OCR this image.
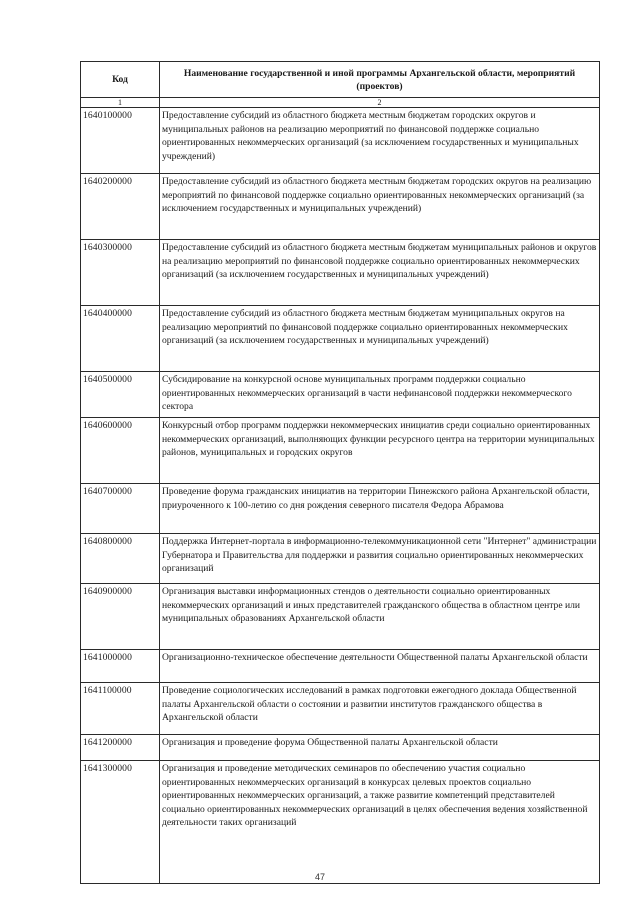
Код	Наименование государственной и иной программы Архангельской области, мероприятий (проектов)
1	2
1640100000	Предоставление субсидий из областного бюджета местным бюджетам городских округов и муниципальных районов на реализацию мероприятий по финансовой поддержке социально ориентированных некоммерческих организаций (за исключением государственных и муниципальных учреждений)
1640200000	Предоставление субсидий из областного бюджета местным бюджетам городских округов на реализацию мероприятий по финансовой поддержке социально ориентированных некоммерческих организаций (за исключением государственных и муниципальных учреждений)
1640300000	Предоставление субсидий из областного бюджета местным бюджетам муниципальных районов и округов на реализацию мероприятий по финансовой поддержке социально ориентированных некоммерческих организаций (за исключением государственных и муниципальных учреждений)
1640400000	Предоставление субсидий из областного бюджета местным бюджетам муниципальных округов на реализацию мероприятий по финансовой поддержке социально ориентированных некоммерческих организаций (за исключением государственных и муниципальных учреждений)
1640500000	Субсидирование на конкурсной основе муниципальных программ поддержки социально ориентированных некоммерческих организаций в части нефинансовой поддержки некоммерческого сектора
1640600000	Конкурсный отбор программ поддержки некоммерческих инициатив среди социально ориентированных некоммерческих организаций, выполняющих функции ресурсного центра на территории муниципальных районов, муниципальных и городских округов
1640700000	Проведение форума гражданских инициатив на территории Пинежского района Архангельской области, приуроченного к 100-летию со дня рождения северного писателя Федора Абрамова
1640800000	Поддержка Интернет-портала в информационно-телекоммуникационной сети "Интернет" администрации Губернатора и Правительства для поддержки и развития социально ориентированных некоммерческих организаций
1640900000	Организация выставки информационных стендов о деятельности социально ориентированных некоммерческих организаций и иных представителей гражданского общества в областном центре или муниципальных образованиях Архангельской области
1641000000	Организационно-техническое обеспечение деятельности Общественной палаты Архангельской области
1641100000	Проведение социологических исследований в рамках подготовки ежегодного доклада Общественной палаты Архангельской области о состоянии и развитии институтов гражданского общества в Архангельской области
1641200000	Организация и проведение форума Общественной палаты Архангельской области
1641300000	Организация и проведение методических семинаров по обеспечению участия социально ориентированных некоммерческих организаций в конкурсах целевых проектов социально ориентированных некоммерческих организаций, а также развитие компетенций представителей социально ориентированных некоммерческих организаций в целях обеспечения ведения хозяйственной деятельности таких организаций
47
